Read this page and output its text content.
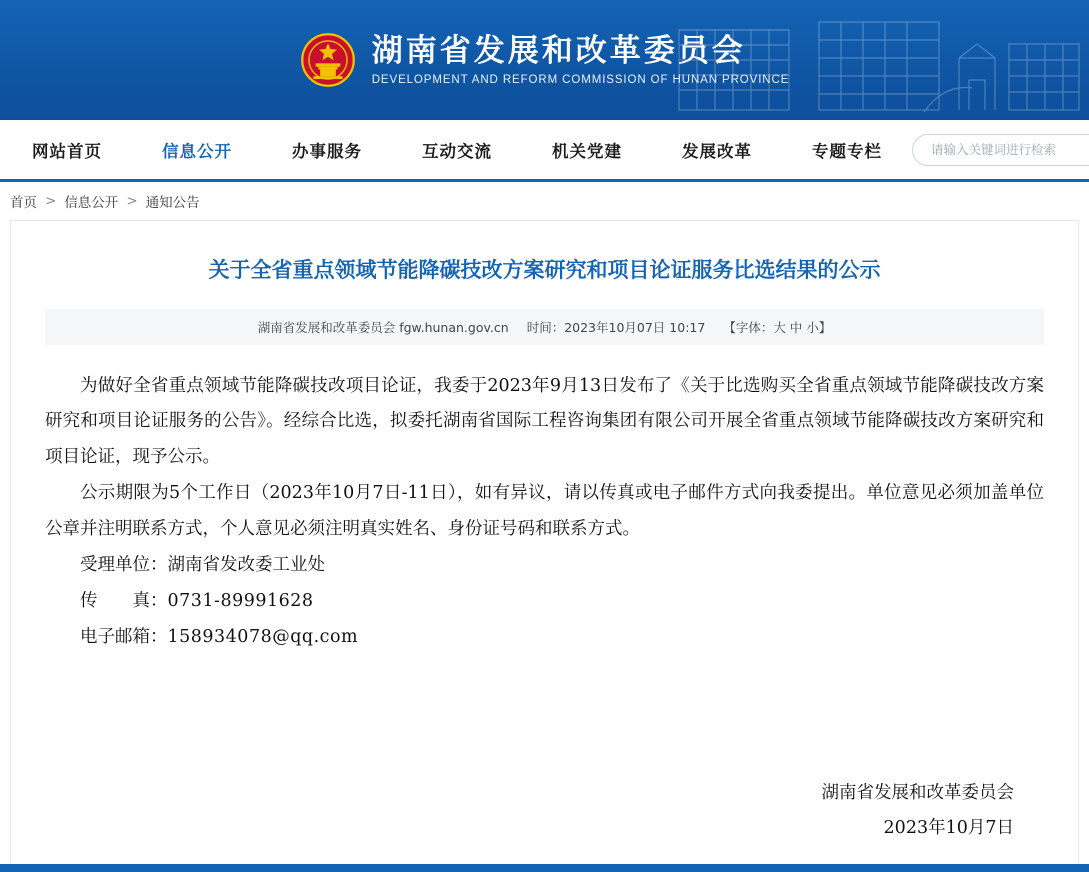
湖南省发展和改革委员会
DEVELOPMENT AND REFORM COMMISSION OF HUNAN PROVINCE
网站首页	信息公开	办事服务	互动交流	机关党建	发展改革	专题专栏
请输入关键词进行检索
首页 > 信息公开 > 通知公告
关于全省重点领域节能降碳技改方案研究和项目论证服务比选结果的公示
湖南省发展和改革委员会 fgw.hunan.gov.cn 时间：2023年10月07日 10:17 【字体：大 中 小】

为做好全省重点领域节能降碳技改项目论证，我委于2023年9月13日发布了《关于比选购买全省重点领域节能降碳技改方案研究和项目论证服务的公告》。经综合比选，拟委托湖南省国际工程咨询集团有限公司开展全省重点领域节能降碳技改方案研究和项目论证，现予公示。

公示期限为5个工作日（2023年10月7日-11日），如有异议，请以传真或电子邮件方式向我委提出。单位意见必须加盖单位公章并注明联系方式，个人意见必须注明真实姓名、身份证号码和联系方式。

受理单位：湖南省发改委工业处
传　　真：0731-89991628
电子邮箱：158934078@qq.com
湖南省发展和改革委员会
2023年10月7日
